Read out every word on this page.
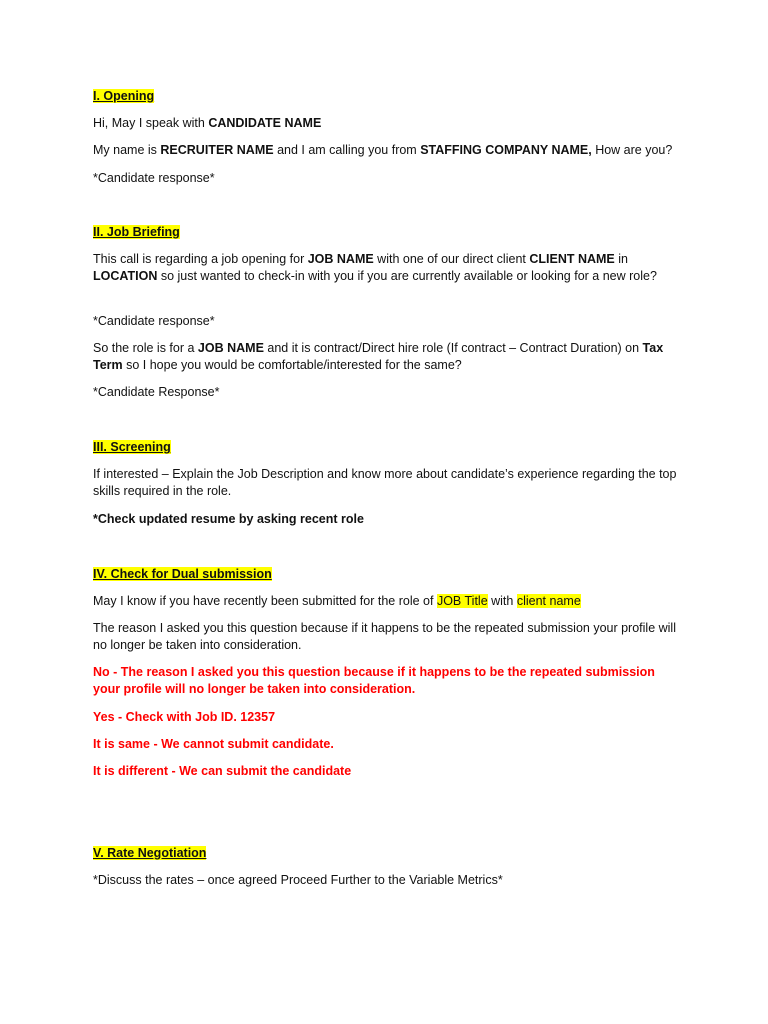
I. Opening
Hi, May I speak with CANDIDATE NAME
My name is RECRUITER NAME and I am calling you from STAFFING COMPANY NAME, How are you?
*Candidate response*
II. Job Briefing
This call is regarding a job opening for JOB NAME with one of our direct client CLIENT NAME in LOCATION so just wanted to check-in with you if you are currently available or looking for a new role?
*Candidate response*
So the role is for a JOB NAME and it is contract/Direct hire role (If contract – Contract Duration) on Tax Term so I hope you would be comfortable/interested for the same?
*Candidate Response*
III. Screening
If interested – Explain the Job Description and know more about candidate’s experience regarding the top skills required in the role.
*Check updated resume by asking recent role
IV. Check for Dual submission
May I know if you have recently been submitted for the role of JOB Title with client name
The reason I asked you this question because if it happens to be the repeated submission your profile will no longer be taken into consideration.
No - The reason I asked you this question because if it happens to be the repeated submission your profile will no longer be taken into consideration.
Yes - Check with Job ID. 12357
It is same - We cannot submit candidate.
It is different - We can submit the candidate
V. Rate Negotiation
*Discuss the rates – once agreed Proceed Further to the Variable Metrics*
